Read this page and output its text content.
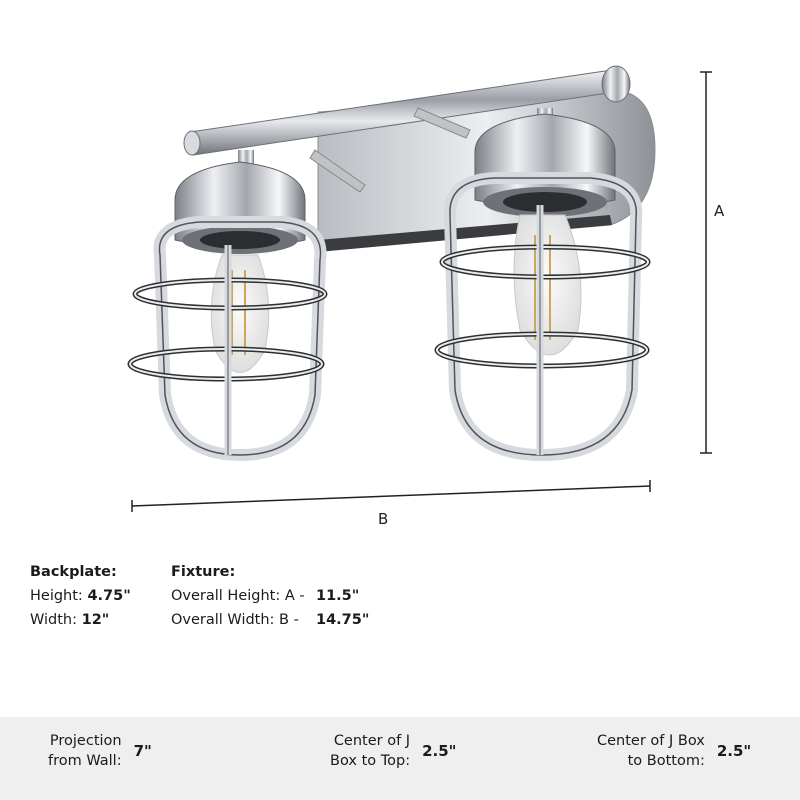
A
B
Backplate:
Height: 4.75"
Width: 12"
Fixture:
Overall Height: A - 11.5"
Overall Width: B -	14.75"
Projection
from Wall:
7"
Center of J
Box to Top:
2.5"
Center of J Box
to Bottom:
2.5"
